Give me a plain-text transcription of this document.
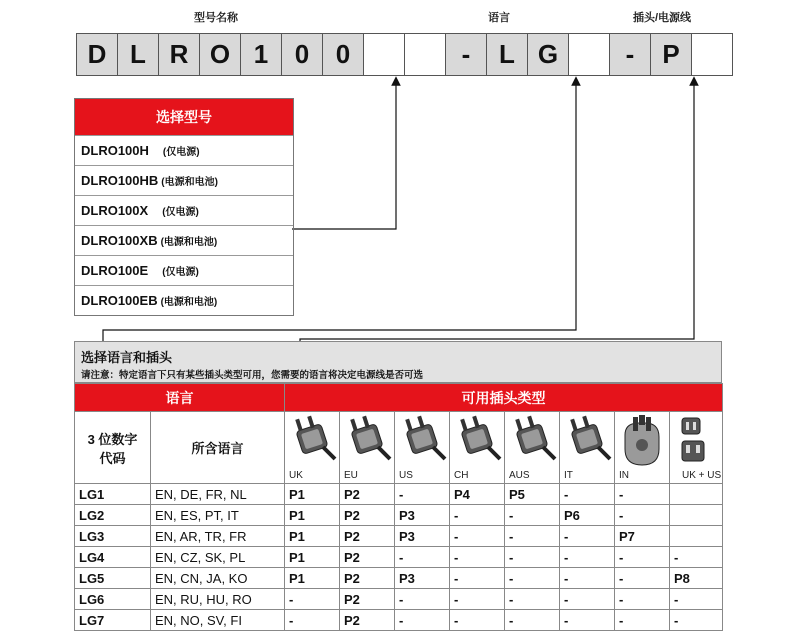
型号名称	语言	插头/电源线
D L R O 1	0	0	-	L G	-	P
选择型号
DLRO100H (仅电源)
DLRO100HB (电源和电池)
DLRO100X (仅电源)
DLRO100XB (电源和电池)
DLRO100E (仅电源)
DLRO100EB (电源和电池)
选择语言和插头
请注意：特定语言下只有某些插头类型可用，您需要的语言将决定电源线是否可选
语言		可用插头类型							
3 位数字
代码	所含语言	UK	EU	US	CH	AUS	IT	IN	UK + US

LG1	EN, DE, FR, NL	P1	P2	-	P4	P5	-	-	
LG2	EN, ES, PT, IT	P1	P2	P3	-	-	P6	-	
LG3	EN, AR, TR, FR	P1	P2	P3	-	-	-	P7	
LG4	EN, CZ, SK, PL	P1	P2	-	-	-	-	-	-
LG5	EN, CN, JA, KO	P1	P2	P3	-	-	-	-	P8
LG6	EN, RU, HU, RO	-	P2	-	-	-	-	-	-
LG7	EN, NO, SV, FI	-	P2	-	-	-	-	-	-
